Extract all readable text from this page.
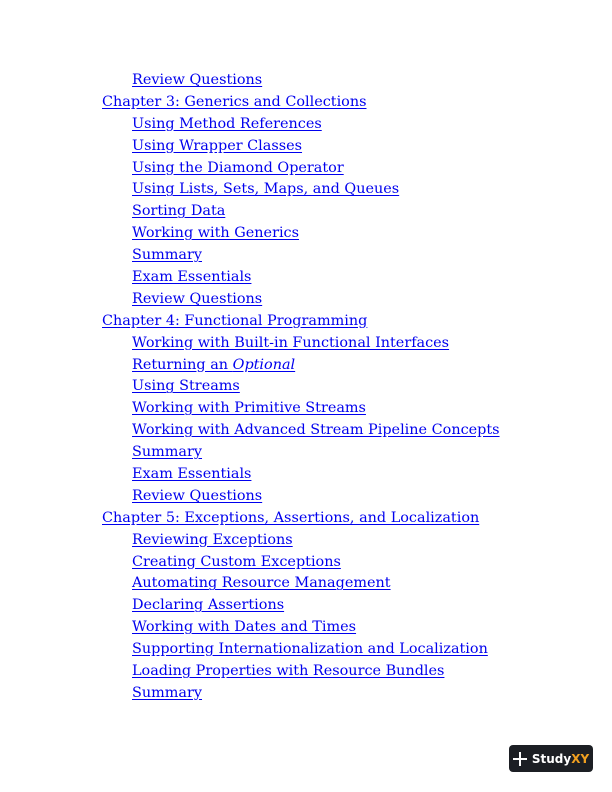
Review Questions
Chapter 3: Generics and Collections
Using Method References
Using Wrapper Classes
Using the Diamond Operator
Using Lists, Sets, Maps, and Queues
Sorting Data
Working with Generics
Summary
Exam Essentials
Review Questions
Chapter 4: Functional Programming
Working with Built-in Functional Interfaces
Returning an Optional
Using Streams
Working with Primitive Streams
Working with Advanced Stream Pipeline Concepts
Summary
Exam Essentials
Review Questions
Chapter 5: Exceptions, Assertions, and Localization
Reviewing Exceptions
Creating Custom Exceptions
Automating Resource Management
Declaring Assertions
Working with Dates and Times
Supporting Internationalization and Localization
Loading Properties with Resource Bundles
Summary
StudyXY
